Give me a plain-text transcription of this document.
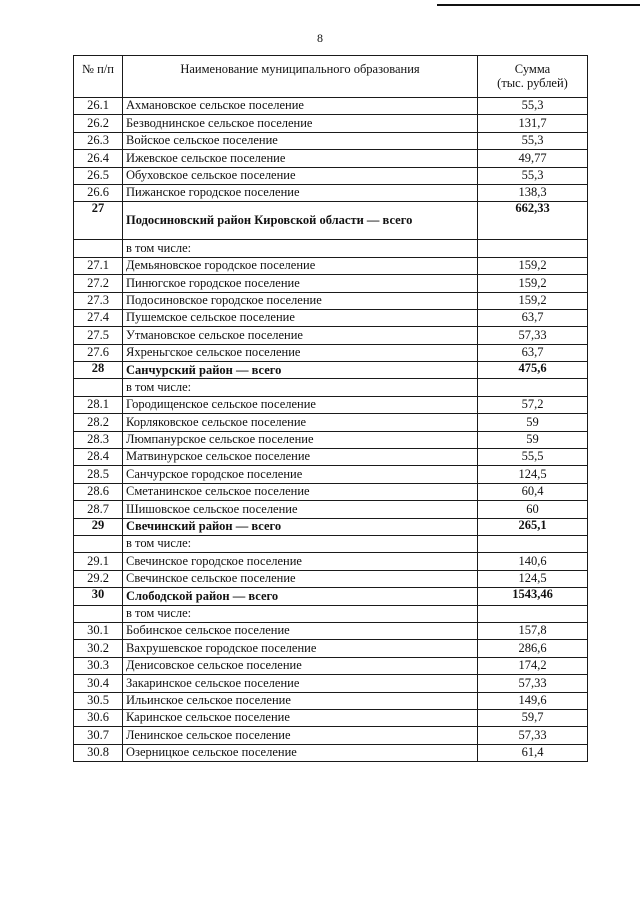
8
№ п/п	Наименование муниципального образования	Сумма
(тыс. рублей)

26.1	Ахмановское сельское поселение	55,3
26.2	Безводнинское сельское поселение	131,7
26.3	Войское сельское поселение	55,3
26.4	Ижевское сельское поселение	49,77
26.5	Обуховское сельское поселение	55,3
26.6	Пижанское городское поселение	138,3
27	Подосиновский район Кировской области — всего	662,33
	в том числе:	
27.1	Демьяновское городское поселение	159,2
27.2	Пинюгское городское поселение	159,2
27.3	Подосиновское городское поселение	159,2
27.4	Пушемское сельское поселение	63,7
27.5	Утмановское сельское поселение	57,33
27.6	Яхреньгское сельское поселение	63,7
28	Санчурский район — всего	475,6
	в том числе:	
28.1	Городищенское сельское поселение	57,2
28.2	Корляковское сельское поселение	59
28.3	Люмпанурское сельское поселение	59
28.4	Матвинурское сельское поселение	55,5
28.5	Санчурское городское поселение	124,5
28.6	Сметанинское сельское поселение	60,4
28.7	Шишовское сельское поселение	60
29	Свечинский район — всего	265,1
	в том числе:	
29.1	Свечинское городское поселение	140,6
29.2	Свечинское сельское поселение	124,5
30	Слободской район — всего	1543,46
	в том числе:	
30.1	Бобинское сельское поселение	157,8
30.2	Вахрушевское городское поселение	286,6
30.3	Денисовское сельское поселение	174,2
30.4	Закаринское сельское поселение	57,33
30.5	Ильинское сельское поселение	149,6
30.6	Каринское сельское поселение	59,7
30.7	Ленинское сельское поселение	57,33
30.8	Озерницкое сельское поселение	61,4
